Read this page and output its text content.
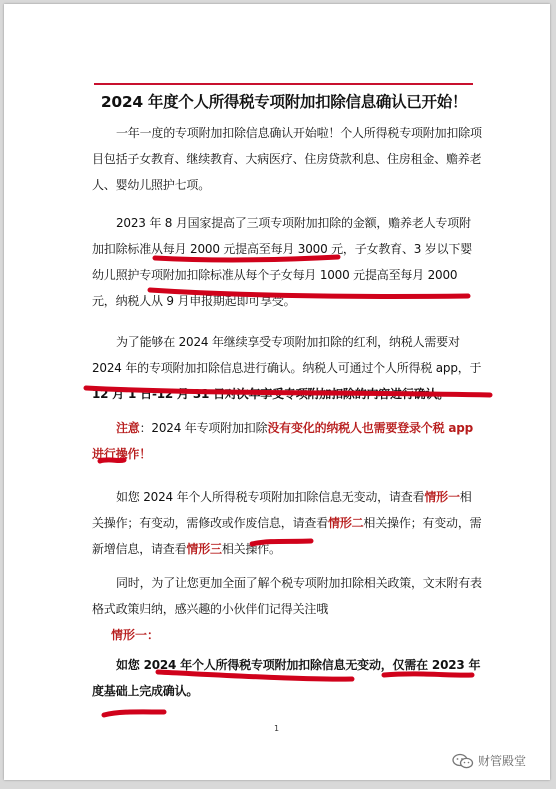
2024 年度个人所得税专项附加扣除信息确认已开始！

一年一度的专项附加扣除信息确认开始啦！个人所得税专项附加扣除项目包括子女教育、继续教育、大病医疗、住房贷款利息、住房租金、赡养老人、婴幼儿照护七项。

2023 年 8 月国家提高了三项专项附加扣除的金额，赡养老人专项附加扣除标准从每月 2000 元提高至每月 3000 元，子女教育、3 岁以下婴幼儿照护专项附加扣除标准从每个子女每月 1000 元提高至每月 2000 元，纳税人从 9 月申报期起即可享受。

为了能够在 2024 年继续享受专项附加扣除的红利，纳税人需要对 2024 年的专项附加扣除信息进行确认。纳税人可通过个人所得税 app，于 12 月 1 日-12 月 31 日对次年享受专项附加扣除的内容进行确认。

注意：2024 年专项附加扣除没有变化的纳税人也需要登录个税 app 进行操作！

如您 2024 年个人所得税专项附加扣除信息无变动，请查看情形一相关操作；有变动，需修改或作废信息，请查看情形二相关操作；有变动，需新增信息，请查看情形三相关操作。

同时，为了让您更加全面了解个税专项附加扣除相关政策，文末附有表格式政策归纳，感兴趣的小伙伴们记得关注哦

情形一：

如您 2024 年个人所得税专项附加扣除信息无变动，仅需在 2023 年度基础上完成确认。

1
财管殿堂
